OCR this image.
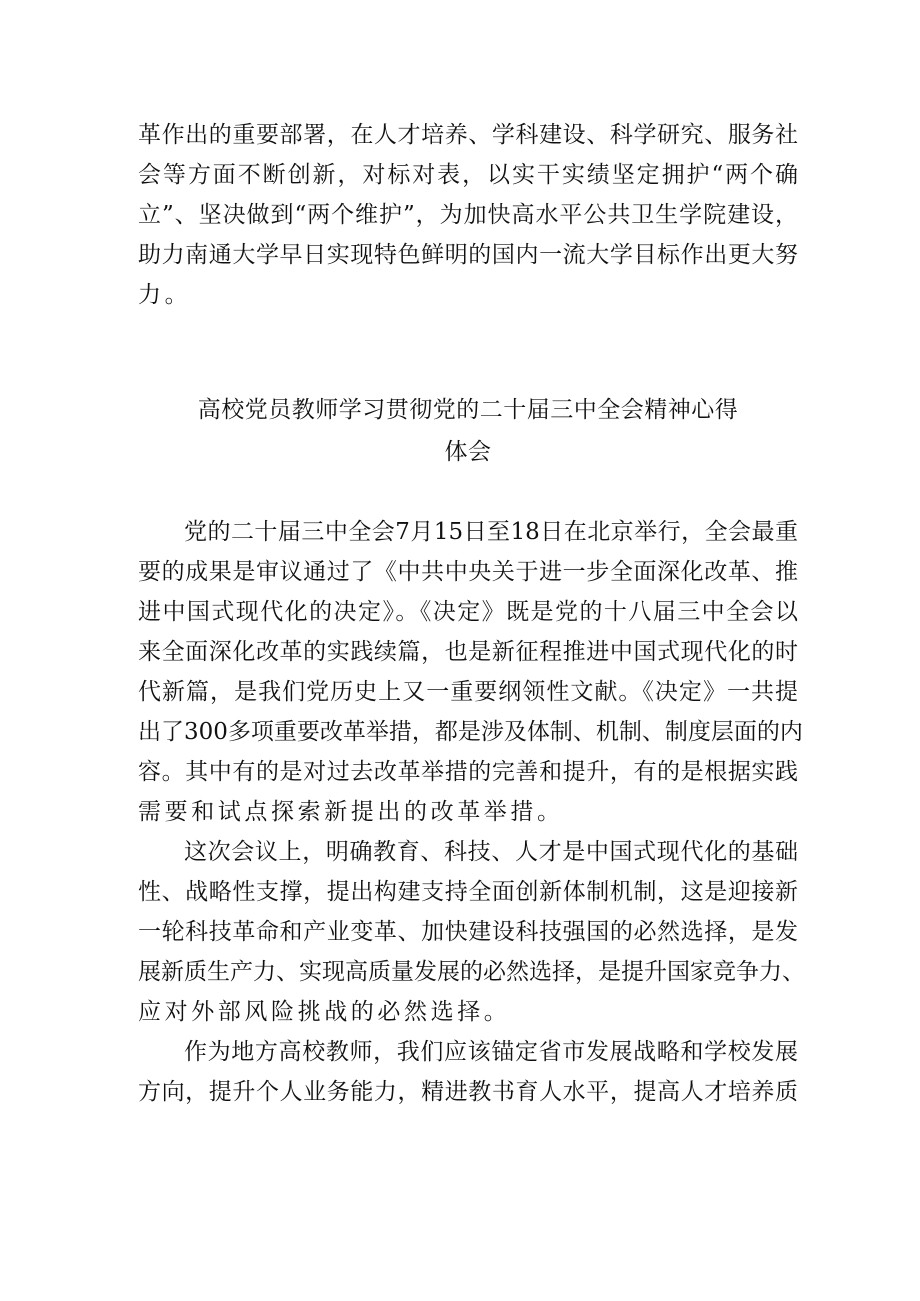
革作出的重要部署，在人才培养、学科建设、科学研究、服务社
会等方面不断创新，对标对表，以实干实绩坚定拥护“两个确
立”、坚决做到“两个维护”，为加快高水平公共卫生学院建设，
助力南通大学早日实现特色鲜明的国内一流大学目标作出更大努
力。
高校党员教师学习贯彻党的二十届三中全会精神心得
体会
党的二十届三中全会7月15日至18日在北京举行，全会最重
要的成果是审议通过了《中共中央关于进一步全面深化改革、推
进中国式现代化的决定》。《决定》既是党的十八届三中全会以
来全面深化改革的实践续篇，也是新征程推进中国式现代化的时
代新篇，是我们党历史上又一重要纲领性文献。《决定》一共提
出了300多项重要改革举措，都是涉及体制、机制、制度层面的内
容。其中有的是对过去改革举措的完善和提升，有的是根据实践
需要和试点探索新提出的改革举措。
这次会议上，明确教育、科技、人才是中国式现代化的基础
性、战略性支撑，提出构建支持全面创新体制机制，这是迎接新
一轮科技革命和产业变革、加快建设科技强国的必然选择，是发
展新质生产力、实现高质量发展的必然选择，是提升国家竞争力、
应对外部风险挑战的必然选择。
作为地方高校教师，我们应该锚定省市发展战略和学校发展
方向，提升个人业务能力，精进教书育人水平，提高人才培养质
